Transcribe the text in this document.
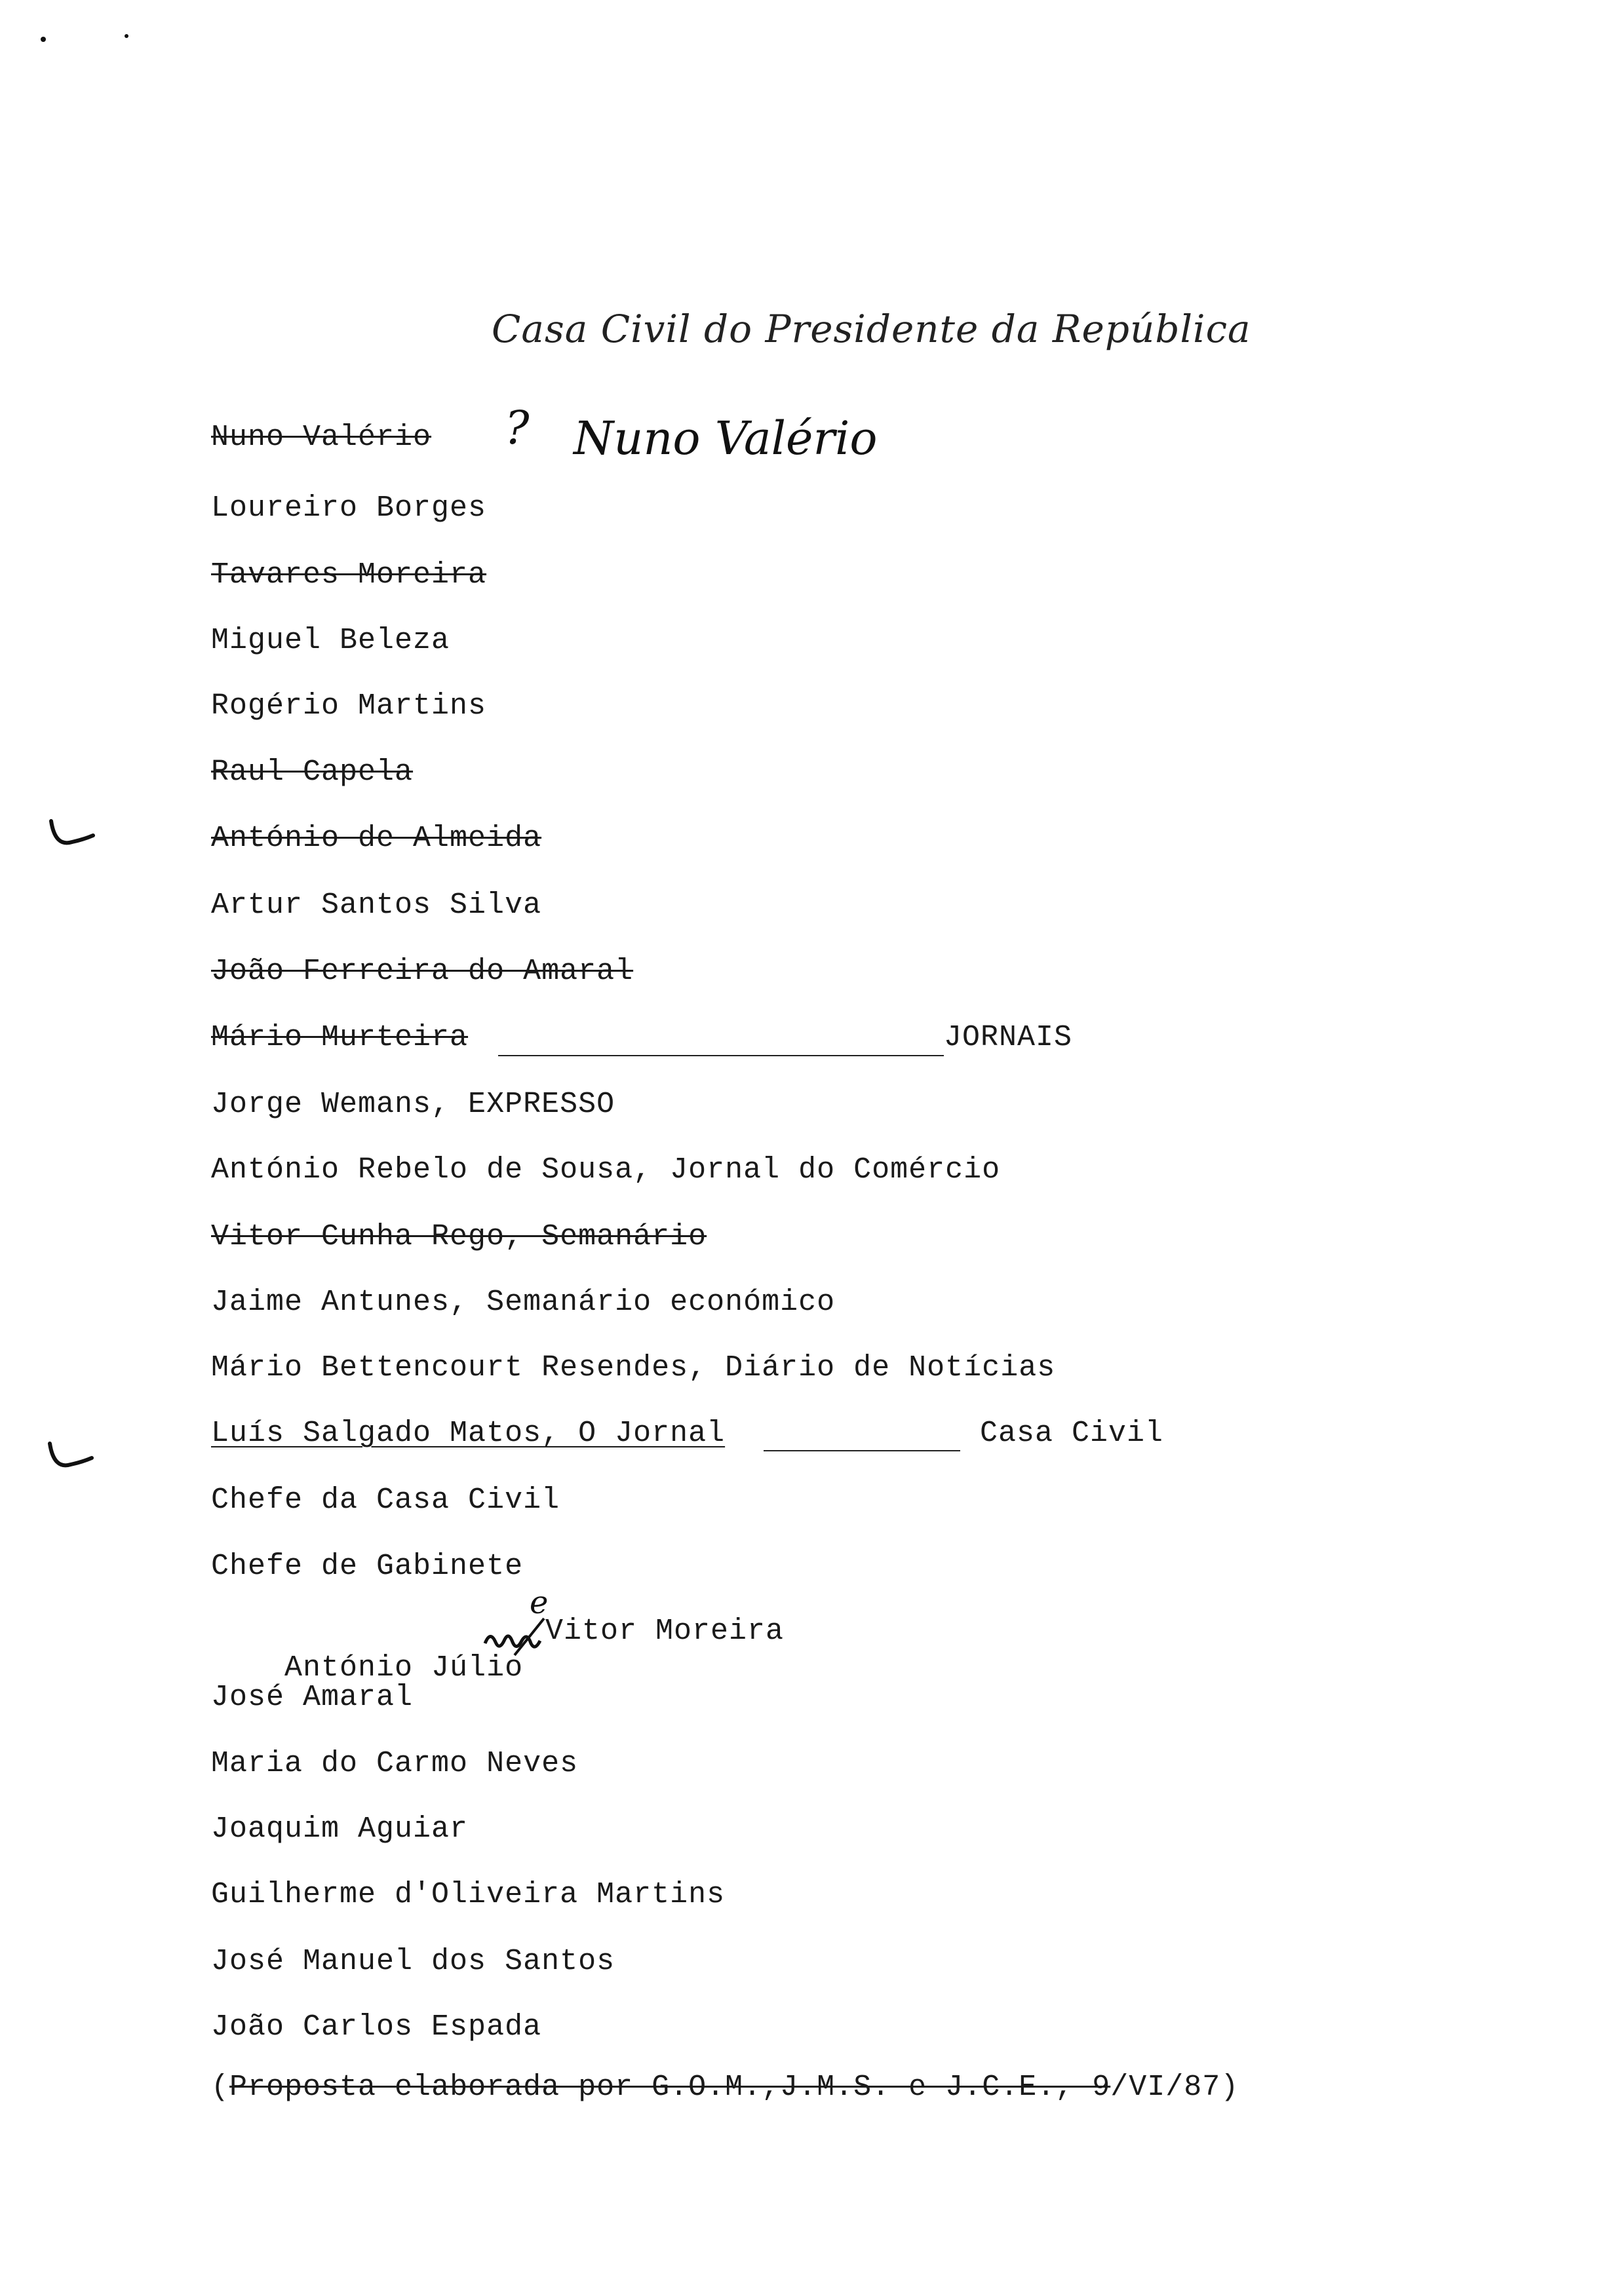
Casa Civil do Presidente da República
Nuno Valério ? Nuno Valério
Loureiro Borges
Tavares Moreira
Miguel Beleza
Rogério Martins
Raul Capela
António de Almeida
Artur Santos Silva
João Ferreira do Amaral
Mário Murteira	JORNAIS
Jorge Wemans, EXPRESSO
António Rebelo de Sousa, Jornal do Comércio
Vitor Cunha Rego, Semanário
Jaime Antunes, Semanário económico
Mário Bettencourt Resendes, Diário de Notícias
Luís Salgado Matos, O Jornal	Casa Civil
Chefe da Casa Civil
Chefe de Gabinete

António Júlio

e
Vitor Moreira
José Amaral
Maria do Carmo Neves
Joaquim Aguiar
Guilherme d'Oliveira Martins
José Manuel dos Santos
João Carlos Espada
(Proposta elaborada por G.O.M.,J.M.S. e J.C.E., 9/VI/87)
